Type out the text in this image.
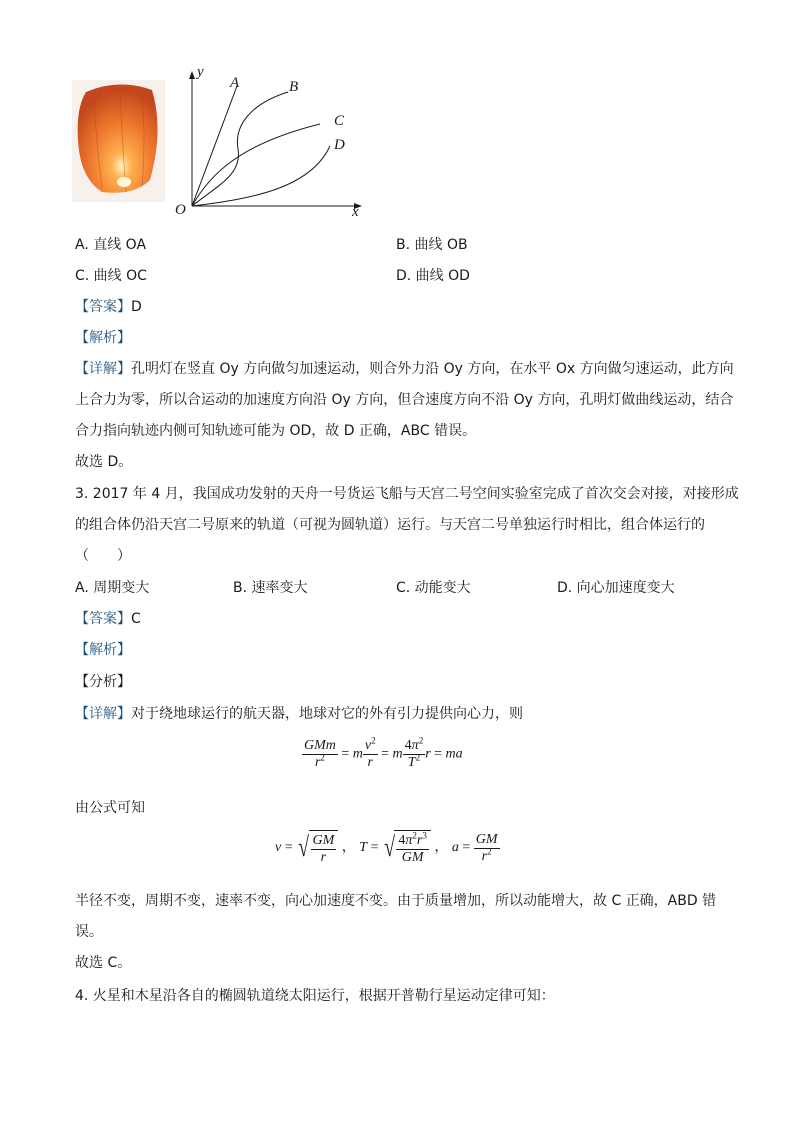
y
x
O
A	B
C
D
A. 直线 OA	B. 曲线 OB
C. 曲线 OC	D. 曲线 OD
【答案】D
【解析】
【详解】孔明灯在竖直 Oy 方向做匀加速运动，则合外力沿 Oy 方向，在水平 Ox 方向做匀速运动，此方向
上合力为零，所以合运动的加速度方向沿 Oy 方向，但合速度方向不沿 Oy 方向，孔明灯做曲线运动，结合
合力指向轨迹内侧可知轨迹可能为 OD，故 D 正确，ABC 错误。
故选 D。
3. 2017 年 4 月，我国成功发射的天舟一号货运飞船与天宫二号空间实验室完成了首次交会对接，对接形成
的组合体仍沿天宫二号原来的轨道（可视为圆轨道）运行。与天宫二号单独运行时相比，组合体运行的
（　　）
A. 周期变大	B. 速率变大	C. 动能变大	D. 向心加速度变大
【答案】C
【解析】
【分析】
【详解】对于绕地球运行的航天器，地球对它的外有引力提供向心力，则
$\frac{\text{GMm}}{r^2} = m \frac{v^2}{r} = m \frac{4\pi^2}{T^2}$ r = ma
由公式可知
v = √ $\frac{GM}{r}$ ， T = √ $\frac{4\pi^2r^3}{GM}$ ， $a = \frac{GM}{r^2}$
半径不变，周期不变，速率不变，向心加速度不变。由于质量增加，所以动能增大，故 C 正确，ABD 错
误。
故选 C。
4. 火星和木星沿各自的椭圆轨道绕太阳运行，根据开普勒行星运动定律可知：
